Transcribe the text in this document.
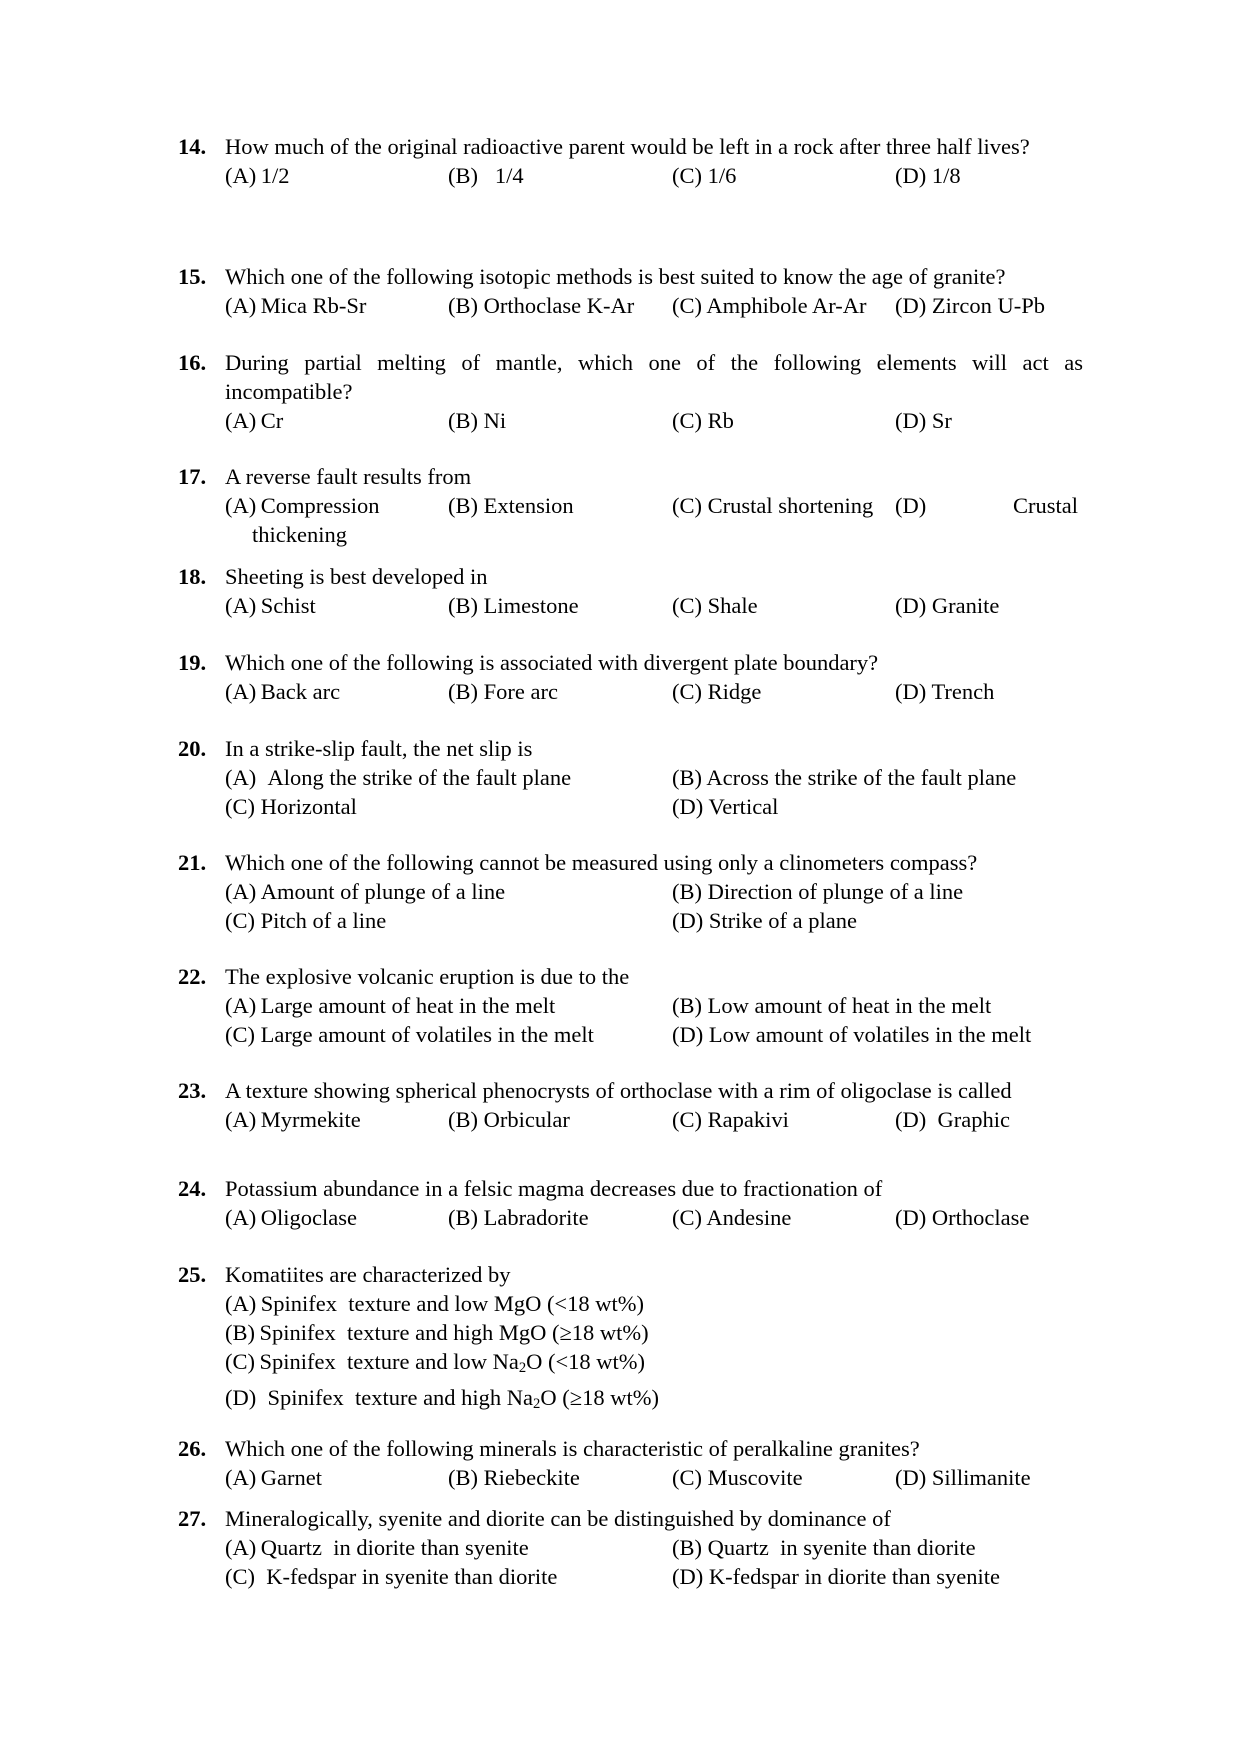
14. How much of the original radioactive parent would be left in a rock after three half lives?
(A) 1/2	(B)  1/4	(C) 1/6	(D) 1/8
15. Which one of the following isotopic methods is best suited to know the age of granite?
(A) Mica Rb-Sr	(B) Orthoclase K-Ar (C) Amphibole Ar-Ar (D) Zircon U-Pb
16. During partial melting of mantle, which one of the following elements will act as incompatible?
(A) Cr	(B) Ni	(C) Rb	(D) Sr
17. A reverse fault results from
(A) Compression	(B) Extension	(C) Crustal shortening (D)	Crustal
thickening
18. Sheeting is best developed in
(A) Schist	(B) Limestone	(C) Shale	(D) Granite
19. Which one of the following is associated with divergent plate boundary?
(A) Back arc	(B) Fore arc	(C) Ridge	(D) Trench
20. In a strike-slip fault, the net slip is
(A) Along the strike of the fault plane	(B) Across the strike of the fault plane
(C) Horizontal	(D) Vertical
21. Which one of the following cannot be measured using only a clinometers compass?
(A) Amount of plunge of a line	(B) Direction of plunge of a line
(C) Pitch of a line	(D) Strike of a plane
22. The explosive volcanic eruption is due to the
(A) Large amount of heat in the melt	(B) Low amount of heat in the melt
(C) Large amount of volatiles in the melt	(D) Low amount of volatiles in the melt
23. A texture showing spherical phenocrysts of orthoclase with a rim of oligoclase is called
(A) Myrmekite	(B) Orbicular	(C) Rapakivi	(D) Graphic
24. Potassium abundance in a felsic magma decreases due to fractionation of
(A) Oligoclase	(B) Labradorite	(C) Andesine	(D) Orthoclase
25. Komatiites are characterized by
(A) Spinifex texture and low MgO (<18 wt%)
(B) Spinifex texture and high MgO (≥18 wt%)
(C) Spinifex texture and low $Na_2O$ (<18 wt%)
(D) Spinifex texture and high $Na_2O$ (≥18 wt%)
26. Which one of the following minerals is characteristic of peralkaline granites?
(A) Garnet	(B) Riebeckite	(C) Muscovite	(D) Sillimanite
27. Mineralogically, syenite and diorite can be distinguished by dominance of
(A) Quartz in diorite than syenite	(B) Quartz in syenite than diorite
(C) K-fedspar in syenite than diorite	(D) K-fedspar in diorite than syenite
